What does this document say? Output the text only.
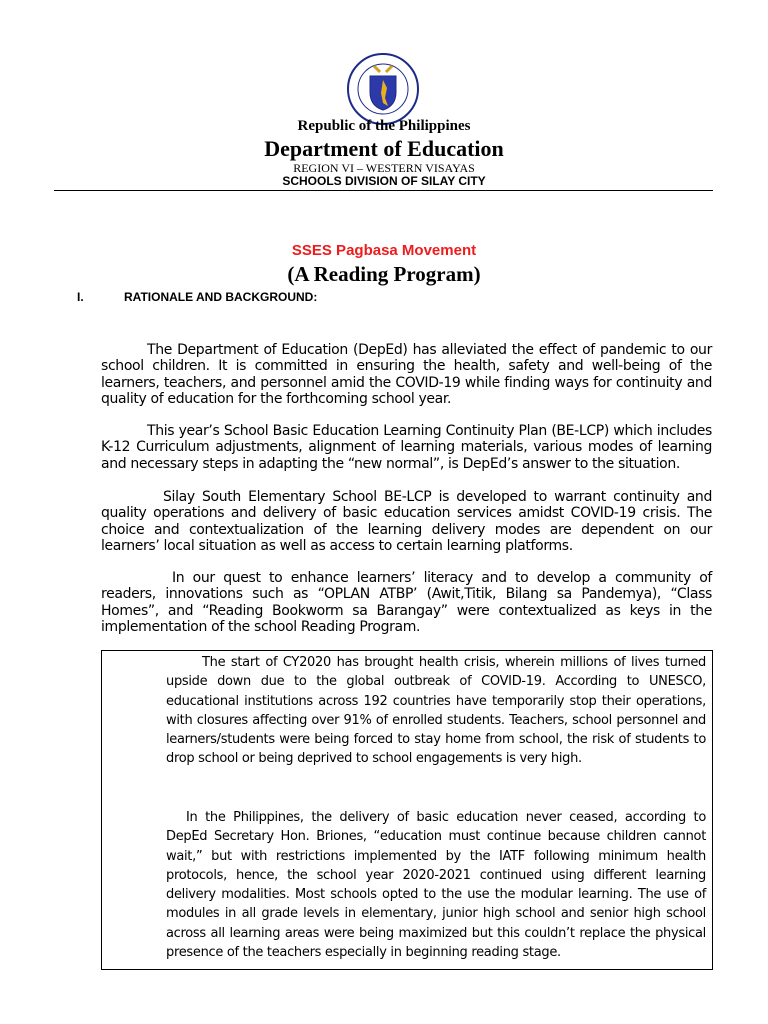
Republic of the Philippines
Department of Education
REGION VI – WESTERN VISAYAS
SCHOOLS DIVISION OF SILAY CITY
SSES Pagbasa Movement
(A Reading Program)
I.	RATIONALE AND BACKGROUND:
The Department of Education (DepEd) has alleviated the effect of pandemic to our school children. It is committed in ensuring the health, safety and well-being of the learners, teachers, and personnel amid the COVID-19 while finding ways for continuity and quality of education for the forthcoming school year.
This year’s School Basic Education Learning Continuity Plan (BE-LCP) which includes K-12 Curriculum adjustments, alignment of learning materials, various modes of learning and necessary steps in adapting the “new normal”, is DepEd’s answer to the situation.
Silay South Elementary School BE-LCP is developed to warrant continuity and quality operations and delivery of basic education services amidst COVID-19 crisis. The choice and contextualization of the learning delivery modes are dependent on our learners’ local situation as well as access to certain learning platforms.
In our quest to enhance learners’ literacy and to develop a community of readers, innovations such as “OPLAN ATBP’ (Awit,Titik, Bilang sa Pandemya), “Class Homes”, and “Reading Bookworm sa Barangay” were contextualized as keys in the implementation of the school Reading Program.
The start of CY2020 has brought health crisis, wherein millions of lives turned upside down due to the global outbreak of COVID-19. According to UNESCO, educational institutions across 192 countries have temporarily stop their operations, with closures affecting over 91% of enrolled students. Teachers, school personnel and learners/students were being forced to stay home from school, the risk of students to drop school or being deprived to school engagements is very high.
In the Philippines, the delivery of basic education never ceased, according to DepEd Secretary Hon. Briones, “education must continue because children cannot wait,” but with restrictions implemented by the IATF following minimum health protocols, hence, the school year 2020-2021 continued using different learning delivery modalities. Most schools opted to the use the modular learning. The use of modules in all grade levels in elementary, junior high school and senior high school across all learning areas were being maximized but this couldn’t replace the physical presence of the teachers especially in beginning reading stage.
